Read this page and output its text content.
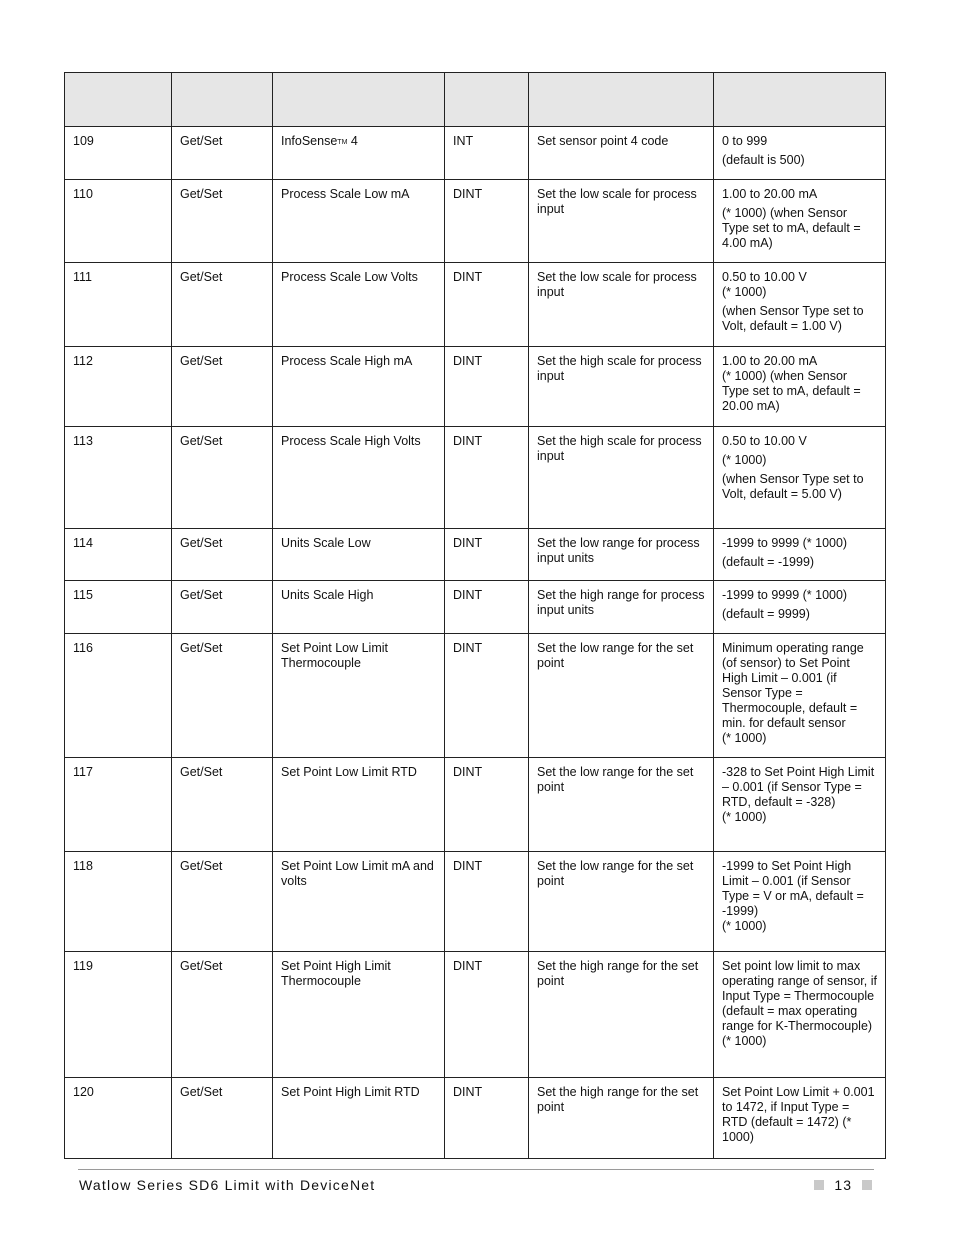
109	Get/Set	InfoSenseTM 4	INT	Set sensor point 4 code	0 to 999

(default is 500)

110	Get/Set	Process Scale Low mA	DINT	Set the low scale for process input	1.00 to 20.00 mA

(* 1000) (when Sensor Type set to mA, default = 4.00 mA)

111	Get/Set	Process Scale Low Volts	DINT	Set the low scale for process input	0.50 to 10.00 V
(* 1000)

(when Sensor Type set to Volt, default = 1.00 V)

112	Get/Set	Process Scale High mA	DINT	Set the high scale for process input	1.00 to 20.00 mA
(* 1000) (when Sensor Type set to mA, default = 20.00 mA)

113	Get/Set	Process Scale High Volts	DINT	Set the high scale for process input	0.50 to 10.00 V

(* 1000)

(when Sensor Type set to Volt, default = 5.00 V)

114	Get/Set	Units Scale Low	DINT	Set the low range for process input units	-1999 to 9999 (* 1000)

(default = -1999)

115	Get/Set	Units Scale High	DINT	Set the high range for process input units	-1999 to 9999 (* 1000)

(default = 9999)

116	Get/Set	Set Point Low Limit Thermocouple	DINT	Set the low range for the set point	Minimum operating range (of sensor) to Set Point High Limit – 0.001 (if Sensor Type = Thermocouple, default = min. for default sensor
(* 1000)

117	Get/Set	Set Point Low Limit RTD	DINT	Set the low range for the set point	-328 to Set Point High Limit – 0.001 (if Sensor Type = RTD, default = -328)
(* 1000)

118	Get/Set	Set Point Low Limit mA and volts	DINT	Set the low range for the set point	-1999 to Set Point High Limit – 0.001 (if Sensor Type = V or mA, default = -1999)
(* 1000)

119	Get/Set	Set Point High Limit Thermocouple	DINT	Set the high range for the set point	Set point low limit to max operating range of sensor, if Input Type = Thermocouple (default = max operating range for K-Thermocouple) (* 1000)

120	Get/Set	Set Point High Limit RTD	DINT	Set the high range for the set point	Set Point Low Limit + 0.001 to 1472, if Input Type = RTD (default = 1472) (* 1000)

Watlow Series SD6 Limit with DeviceNet	13
